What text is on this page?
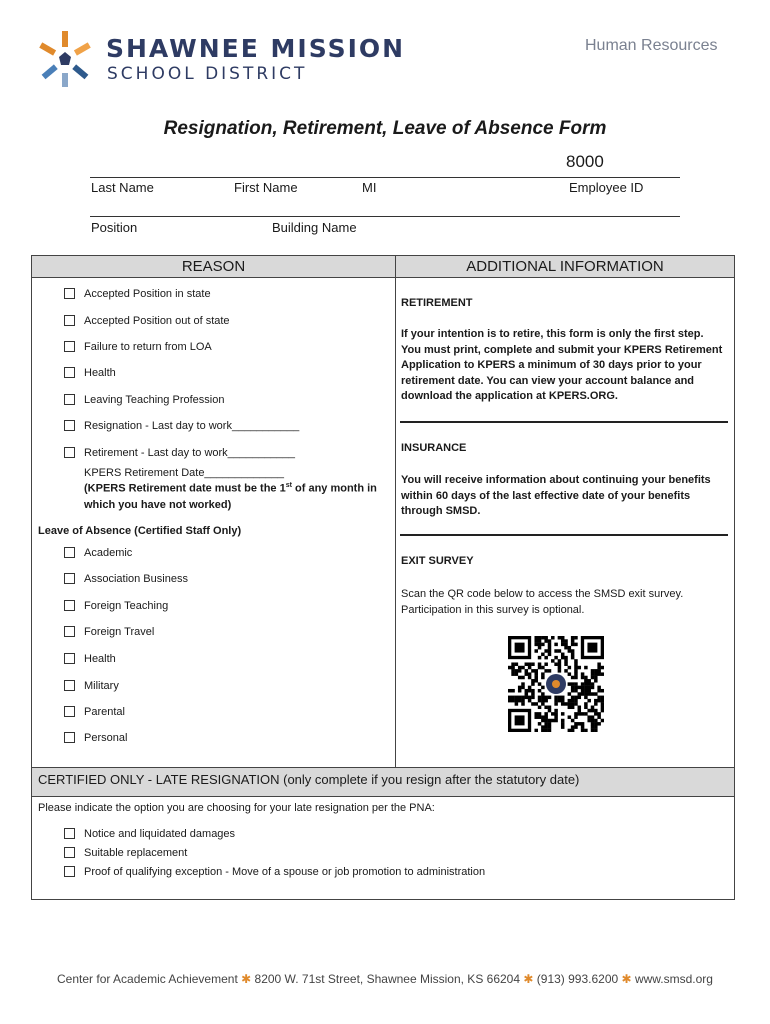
SHAWNEE MISSION
SCHOOL DISTRICT
Human Resources
Resignation, Retirement, Leave of Absence Form
8000
Last Name	First Name	MI	Employee ID
Position	Building Name
REASON	ADDITIONAL INFORMATION
Accepted Position in state
Accepted Position out of state
Failure to return from LOA
Health
Leaving Teaching Profession
Resignation - Last day to work___________
Retirement - Last day to work___________
KPERS Retirement Date_____________
(KPERS Retirement date must be the 1st of any month in
which you have not worked)
Leave of Absence (Certified Staff Only)
Academic
Association Business
Foreign Teaching
Foreign Travel
Health
Military
Parental
Personal
RETIREMENT
If your intention is to retire, this form is only the first step.
You must print, complete and submit your KPERS Retirement
Application to KPERS a minimum of 30 days prior to your
retirement date. You can view your account balance and
download the application at KPERS.ORG.
INSURANCE
You will receive information about continuing your benefits
within 60 days of the last effective date of your benefits
through SMSD.
EXIT SURVEY
Scan the QR code below to access the SMSD exit survey.
Participation in this survey is optional.
CERTIFIED ONLY - LATE RESIGNATION (only complete if you resign after the statutory date)
Please indicate the option you are choosing for your late resignation per the PNA:
Notice and liquidated damages
Suitable replacement
Proof of qualifying exception - Move of a spouse or job promotion to administration
Center for Academic Achievement ✱ 8200 W. 71st Street, Shawnee Mission, KS 66204 ✱ (913) 993.6200 ✱ www.smsd.org
